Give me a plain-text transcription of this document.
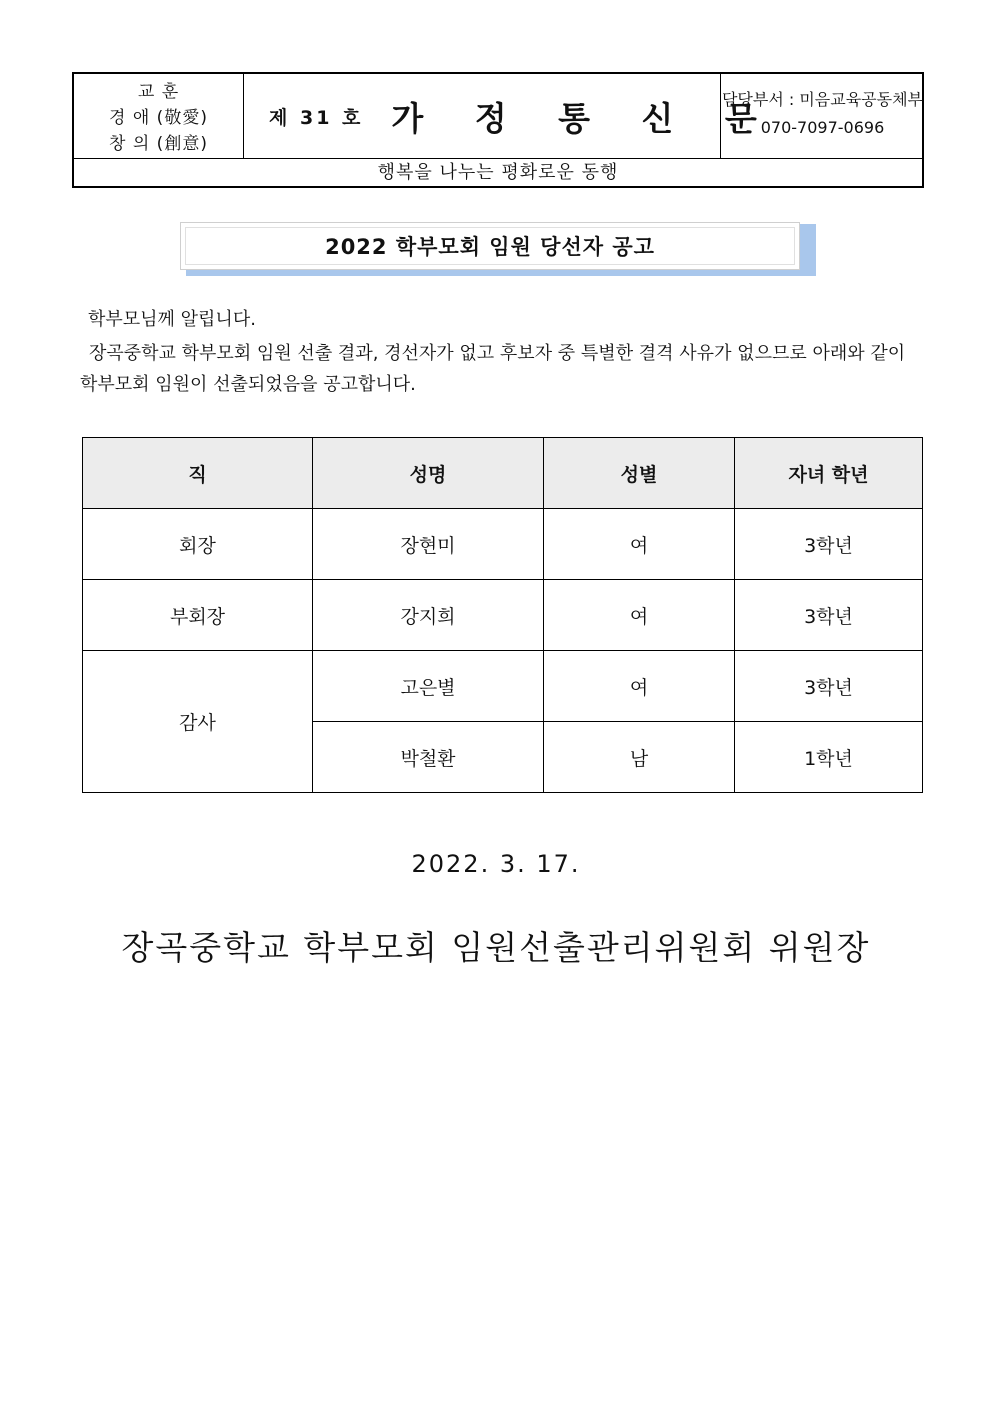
교 훈
경 애 (敬愛)
창 의 (創意)
제 31 호 가 정 통 신 문
담당부서 : 미음교육공동체부
070-7097-0696
행복을 나누는 평화로운 동행
2022 학부모회 임원 당선자 공고
학부모님께 알립니다.
장곡중학교 학부모회 임원 선출 결과, 경선자가 없고 후보자 중 특별한 결격 사유가 없으므로 아래와 같이 학부모회 임원이 선출되었음을 공고합니다.
직	성명	성별	자녀 학년
회장	장현미	여	3학년
부회장	강지희	여	3학년
감사	고은별	여	3학년
	박철환	남	1학년
2022. 3. 17.
장곡중학교 학부모회 임원선출관리위원회 위원장
